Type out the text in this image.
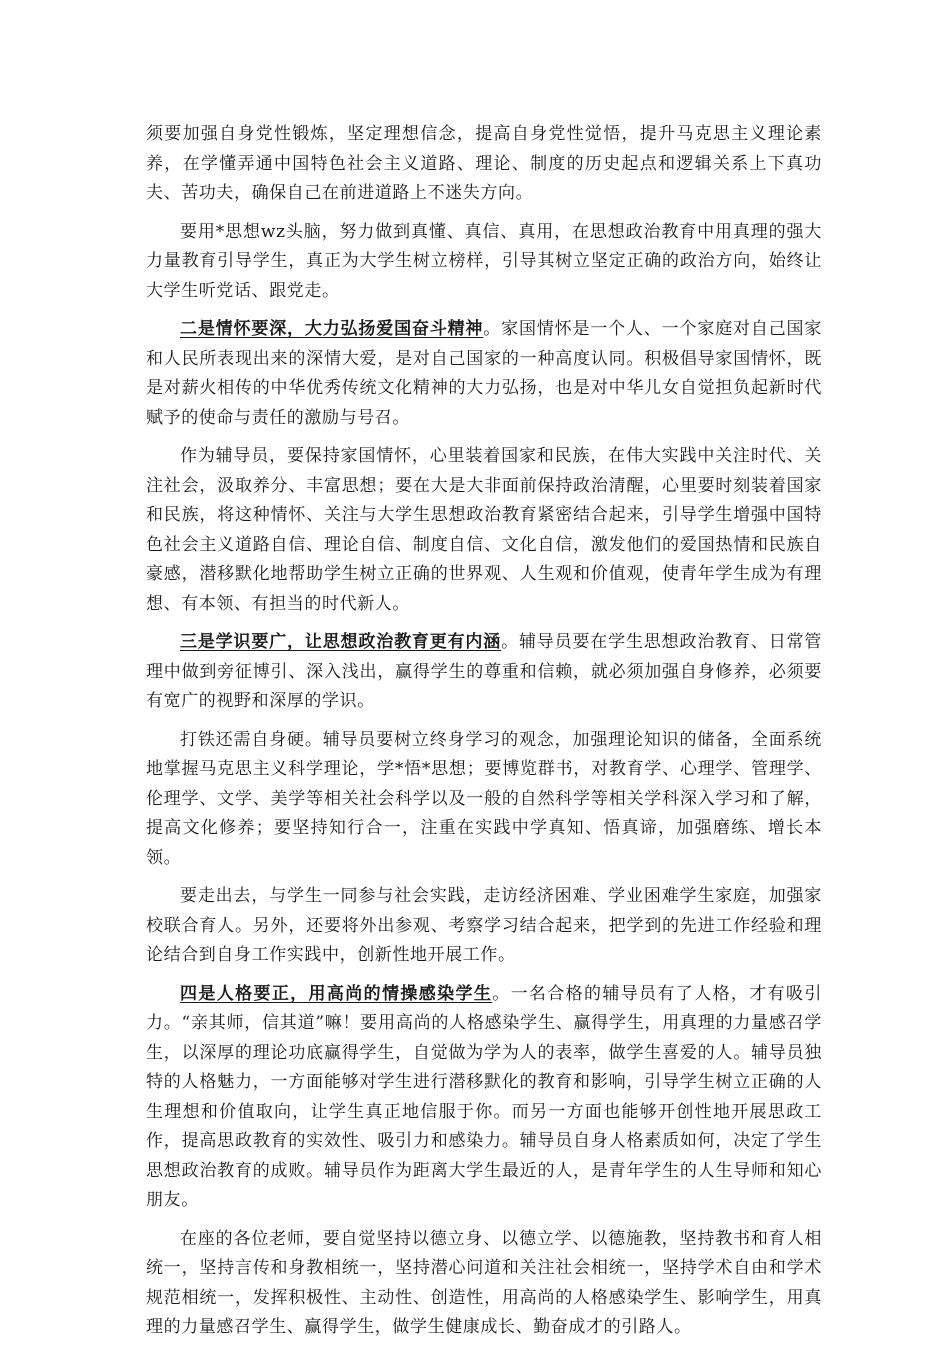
须要加强自身党性锻炼，坚定理想信念，提高自身党性觉悟，提升马克思主义理论素养，在学懂弄通中国特色社会主义道路、理论、制度的历史起点和逻辑关系上下真功夫、苦功夫，确保自己在前进道路上不迷失方向。

要用*思想wz头脑，努力做到真懂、真信、真用，在思想政治教育中用真理的强大力量教育引导学生，真正为大学生树立榜样，引导其树立坚定正确的政治方向，始终让大学生听党话、跟党走。

二是情怀要深，大力弘扬爱国奋斗精神。家国情怀是一个人、一个家庭对自己国家和人民所表现出来的深情大爱，是对自己国家的一种高度认同。积极倡导家国情怀，既是对薪火相传的中华优秀传统文化精神的大力弘扬，也是对中华儿女自觉担负起新时代赋予的使命与责任的激励与号召。

作为辅导员，要保持家国情怀，心里装着国家和民族，在伟大实践中关注时代、关注社会，汲取养分、丰富思想；要在大是大非面前保持政治清醒，心里要时刻装着国家和民族，将这种情怀、关注与大学生思想政治教育紧密结合起来，引导学生增强中国特色社会主义道路自信、理论自信、制度自信、文化自信，激发他们的爱国热情和民族自豪感，潜移默化地帮助学生树立正确的世界观、人生观和价值观，使青年学生成为有理想、有本领、有担当的时代新人。

三是学识要广，让思想政治教育更有内涵。辅导员要在学生思想政治教育、日常管理中做到旁征博引、深入浅出，赢得学生的尊重和信赖，就必须加强自身修养，必须要有宽广的视野和深厚的学识。

打铁还需自身硬。辅导员要树立终身学习的观念，加强理论知识的储备，全面系统地掌握马克思主义科学理论，学*悟*思想；要博览群书，对教育学、心理学、管理学、伦理学、文学、美学等相关社会科学以及一般的自然科学等相关学科深入学习和了解，提高文化修养；要坚持知行合一，注重在实践中学真知、悟真谛，加强磨练、增长本领。

要走出去，与学生一同参与社会实践，走访经济困难、学业困难学生家庭，加强家校联合育人。另外，还要将外出参观、考察学习结合起来，把学到的先进工作经验和理论结合到自身工作实践中，创新性地开展工作。

四是人格要正，用高尚的情操感染学生。一名合格的辅导员有了人格，才有吸引力。“亲其师，信其道”嘛！要用高尚的人格感染学生、赢得学生，用真理的力量感召学生，以深厚的理论功底赢得学生，自觉做为学为人的表率，做学生喜爱的人。辅导员独特的人格魅力，一方面能够对学生进行潜移默化的教育和影响，引导学生树立正确的人生理想和价值取向，让学生真正地信服于你。而另一方面也能够开创性地开展思政工作，提高思政教育的实效性、吸引力和感染力。辅导员自身人格素质如何，决定了学生思想政治教育的成败。辅导员作为距离大学生最近的人，是青年学生的人生导师和知心朋友。

在座的各位老师，要自觉坚持以德立身、以德立学、以德施教，坚持教书和育人相统一，坚持言传和身教相统一，坚持潜心问道和关注社会相统一，坚持学术自由和学术规范相统一，发挥积极性、主动性、创造性，用高尚的人格感染学生、影响学生，用真理的力量感召学生、赢得学生，做学生健康成长、勤奋成才的引路人。
